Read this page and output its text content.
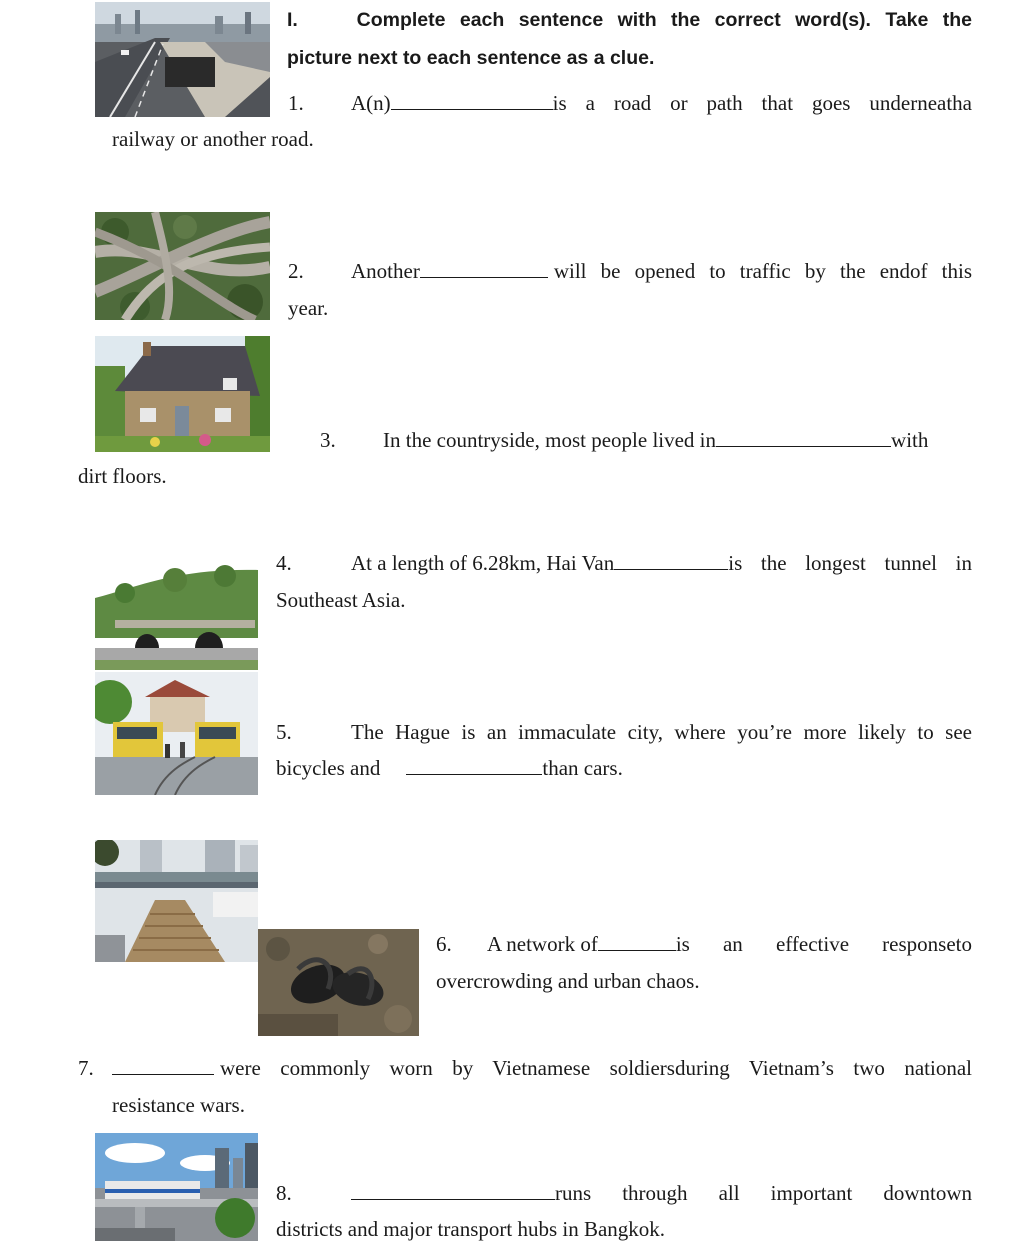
I.	Complete each sentence with the correct word(s). Take the
picture next to each sentence as a clue.
1.	A(n)	is a road or path that goes underneatha
railway or another road.
2.	Another	will be opened to traffic by the endof this
year.
3.	In the countryside, most people lived in	with
dirt floors.
4.	At a length of 6.28km, Hai Van	is the longest tunnel in
Southeast Asia.
5.	The Hague is an immaculate city, where you’re more likely to see
bicycles and	than cars.
6.	A network of	is an effective responseto
overcrowding and urban chaos.
7.	were commonly worn by Vietnamese soldiersduring Vietnam’s two national
resistance wars.
8.	runs through all important downtown
districts and major transport hubs in Bangkok.
